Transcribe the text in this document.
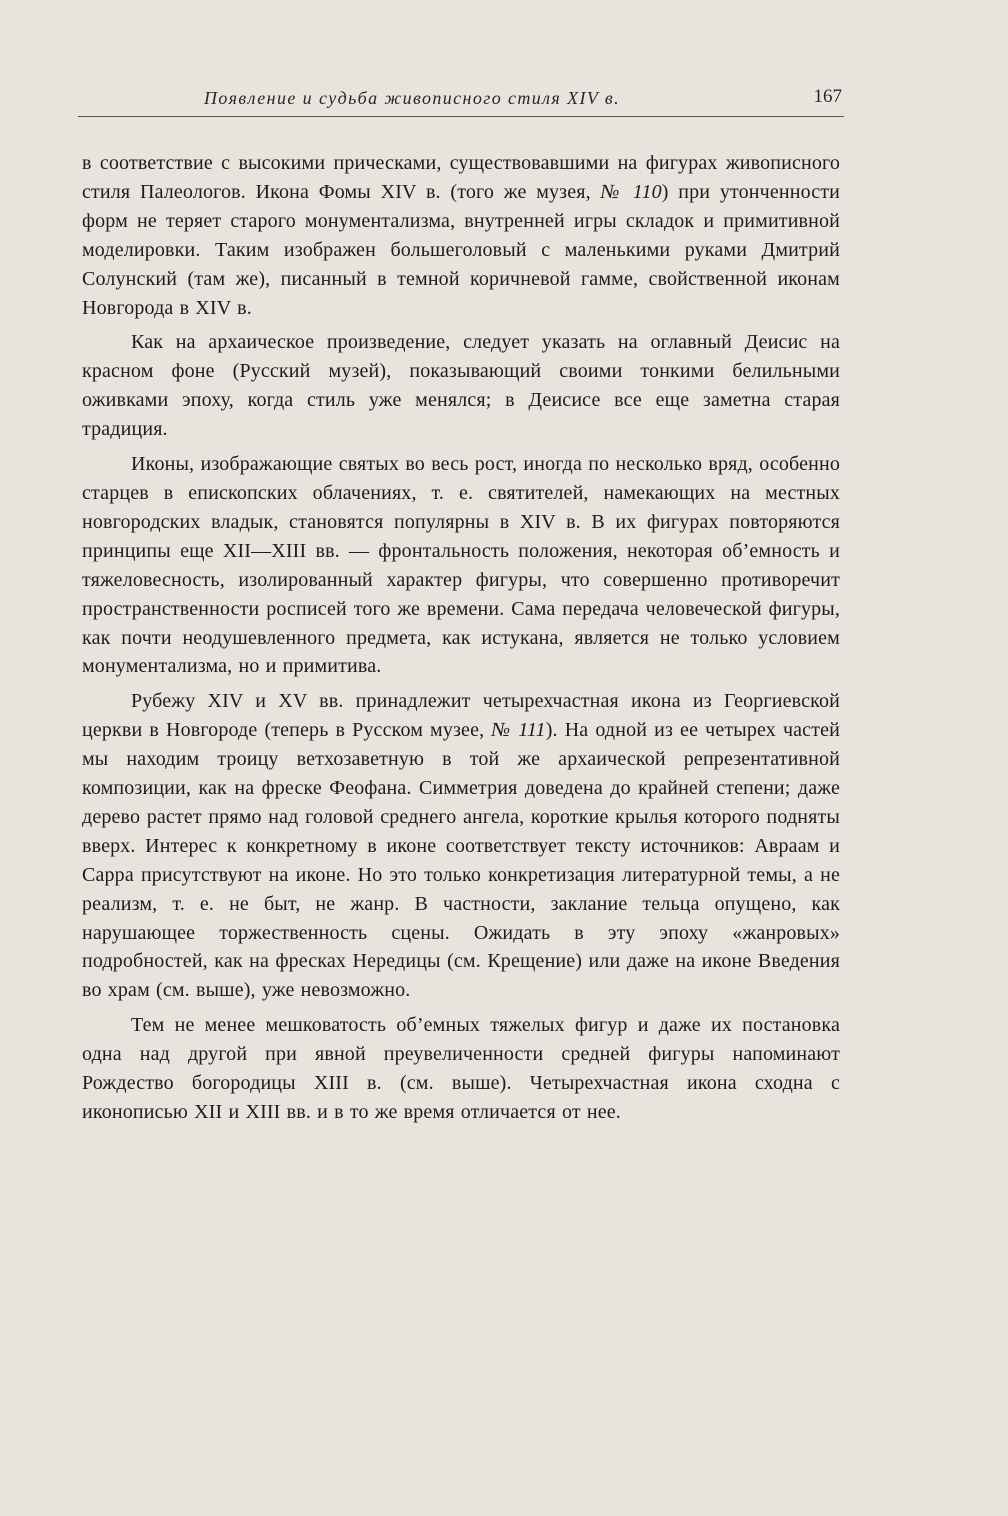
Появление и судьба живописного стиля XIV в.	167

в соответствие с высокими прическами, существовавшими на фигурах живописного стиля Палеологов. Икона Фомы XIV в. (того же музея, № 110) при утонченности форм не теряет старого монументализма, внутренней игры складок и примитивной моделировки. Таким изображен большеголовый с маленькими руками Дмитрий Солунский (там же), писанный в темной коричневой гамме, свойственной иконам Новгорода в XIV в.

Как на архаическое произведение, следует указать на оглавный Деисис на красном фоне (Русский музей), показывающий своими тонкими белильными оживками эпоху, когда стиль уже менялся; в Деисисе все еще заметна старая традиция.

Иконы, изображающие святых во весь рост, иногда по несколько вряд, особенно старцев в епископских облачениях, т. е. святителей, намекающих на местных новгородских владык, становятся популярны в XIV в. В их фигурах повторяются принципы еще XII—XIII вв. — фронтальность положения, некоторая об’емность и тяжеловесность, изолированный характер фигуры, что совершенно противоречит пространственности росписей того же времени. Сама передача человеческой фигуры, как почти неодушевленного предмета, как истукана, является не только условием монументализма, но и примитива.

Рубежу XIV и XV вв. принадлежит четырехчастная икона из Георгиевской церкви в Новгороде (теперь в Русском музее, № 111). На одной из ее четырех частей мы находим троицу ветхозаветную в той же архаической репрезентативной композиции, как на фреске Феофана. Симметрия доведена до крайней степени; даже дерево растет прямо над головой среднего ангела, короткие крылья которого подняты вверх. Интерес к конкретному в иконе соответствует тексту источников: Авраам и Сарра присутствуют на иконе. Но это только конкретизация литературной темы, а не реализм, т. е. не быт, не жанр. В частности, заклание тельца опущено, как нарушающее торжественность сцены. Ожидать в эту эпоху «жанровых» подробностей, как на фресках Нередицы (см. Крещение) или даже на иконе Введения во храм (см. выше), уже невозможно.

Тем не менее мешковатость об’емных тяжелых фигур и даже их постановка одна над другой при явной преувеличенности средней фигуры напоминают Рождество богородицы XIII в. (см. выше). Четырехчастная икона сходна с иконописью XII и XIII вв. и в то же время отличается от нее.
